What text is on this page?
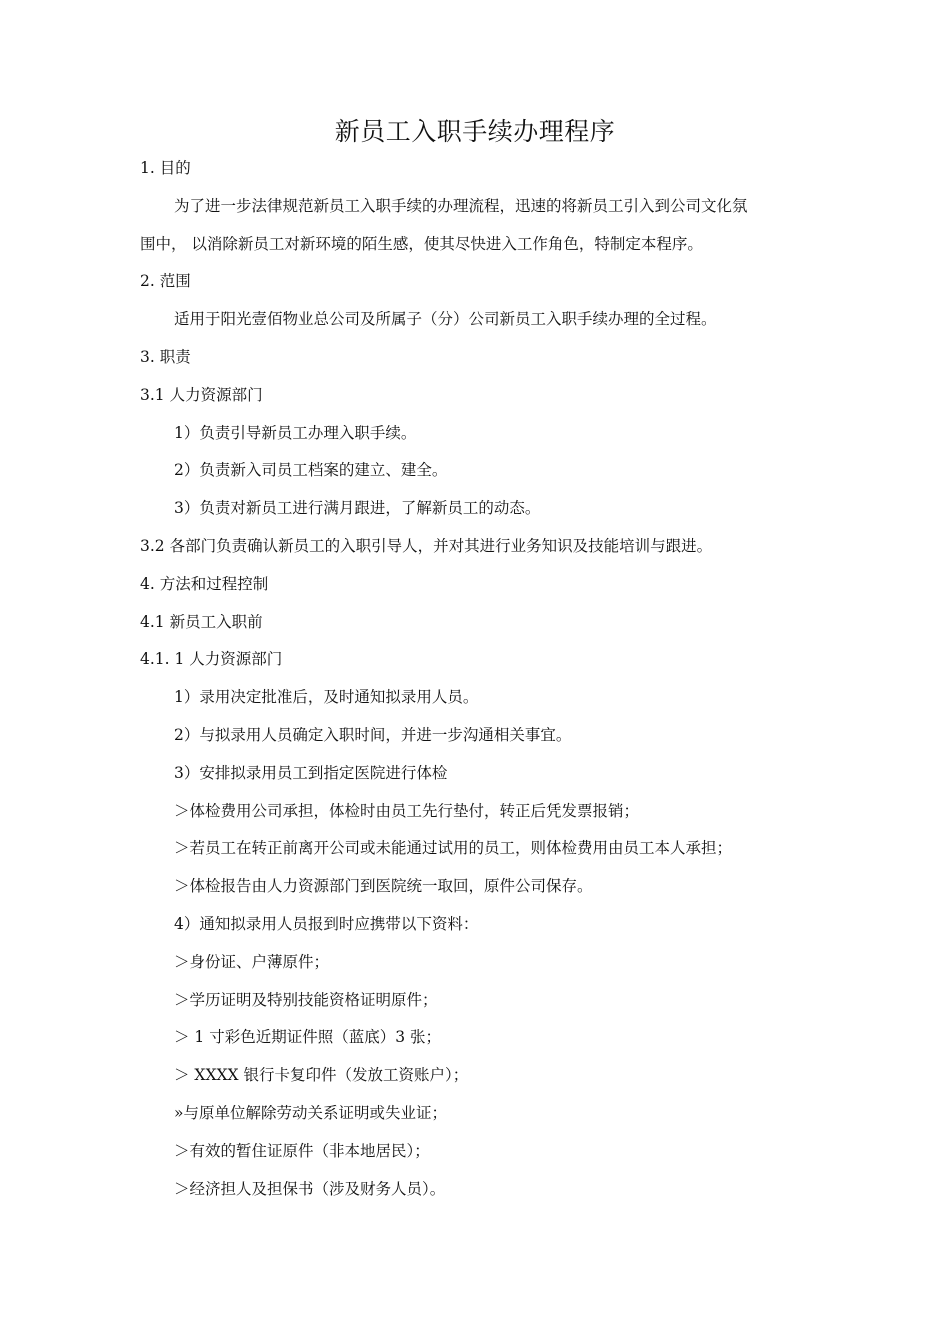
新员工入职手续办理程序
1. 目的
为了进一步法律规范新员工入职手续的办理流程，迅速的将新员工引入到公司文化氛
围中， 以消除新员工对新环境的陌生感，使其尽快进入工作角色，特制定本程序。
2. 范围
适用于阳光壹佰物业总公司及所属子（分）公司新员工入职手续办理的全过程。
3. 职责
3.1 人力资源部门
1）负责引导新员工办理入职手续。
2）负责新入司员工档案的建立、建全。
3）负责对新员工进行满月跟进，了解新员工的动态。
3.2 各部门负责确认新员工的入职引导人，并对其进行业务知识及技能培训与跟进。
4. 方法和过程控制
4.1 新员工入职前
4.1. 1 人力资源部门
1）录用决定批准后，及时通知拟录用人员。
2）与拟录用人员确定入职时间，并进一步沟通相关事宜。
3）安排拟录用员工到指定医院进行体检
＞体检费用公司承担，体检时由员工先行垫付，转正后凭发票报销；
＞若员工在转正前离开公司或未能通过试用的员工，则体检费用由员工本人承担；
＞体检报告由人力资源部门到医院统一取回，原件公司保存。
4）通知拟录用人员报到时应携带以下资料：
＞身份证、户薄原件；
＞学历证明及特别技能资格证明原件；
＞ 1 寸彩色近期证件照（蓝底）3 张；
＞ XXXX 银行卡复印件（发放工资账户）；
»与原单位解除劳动关系证明或失业证；
＞有效的暂住证原件（非本地居民）；
＞经济担人及担保书（涉及财务人员）。
